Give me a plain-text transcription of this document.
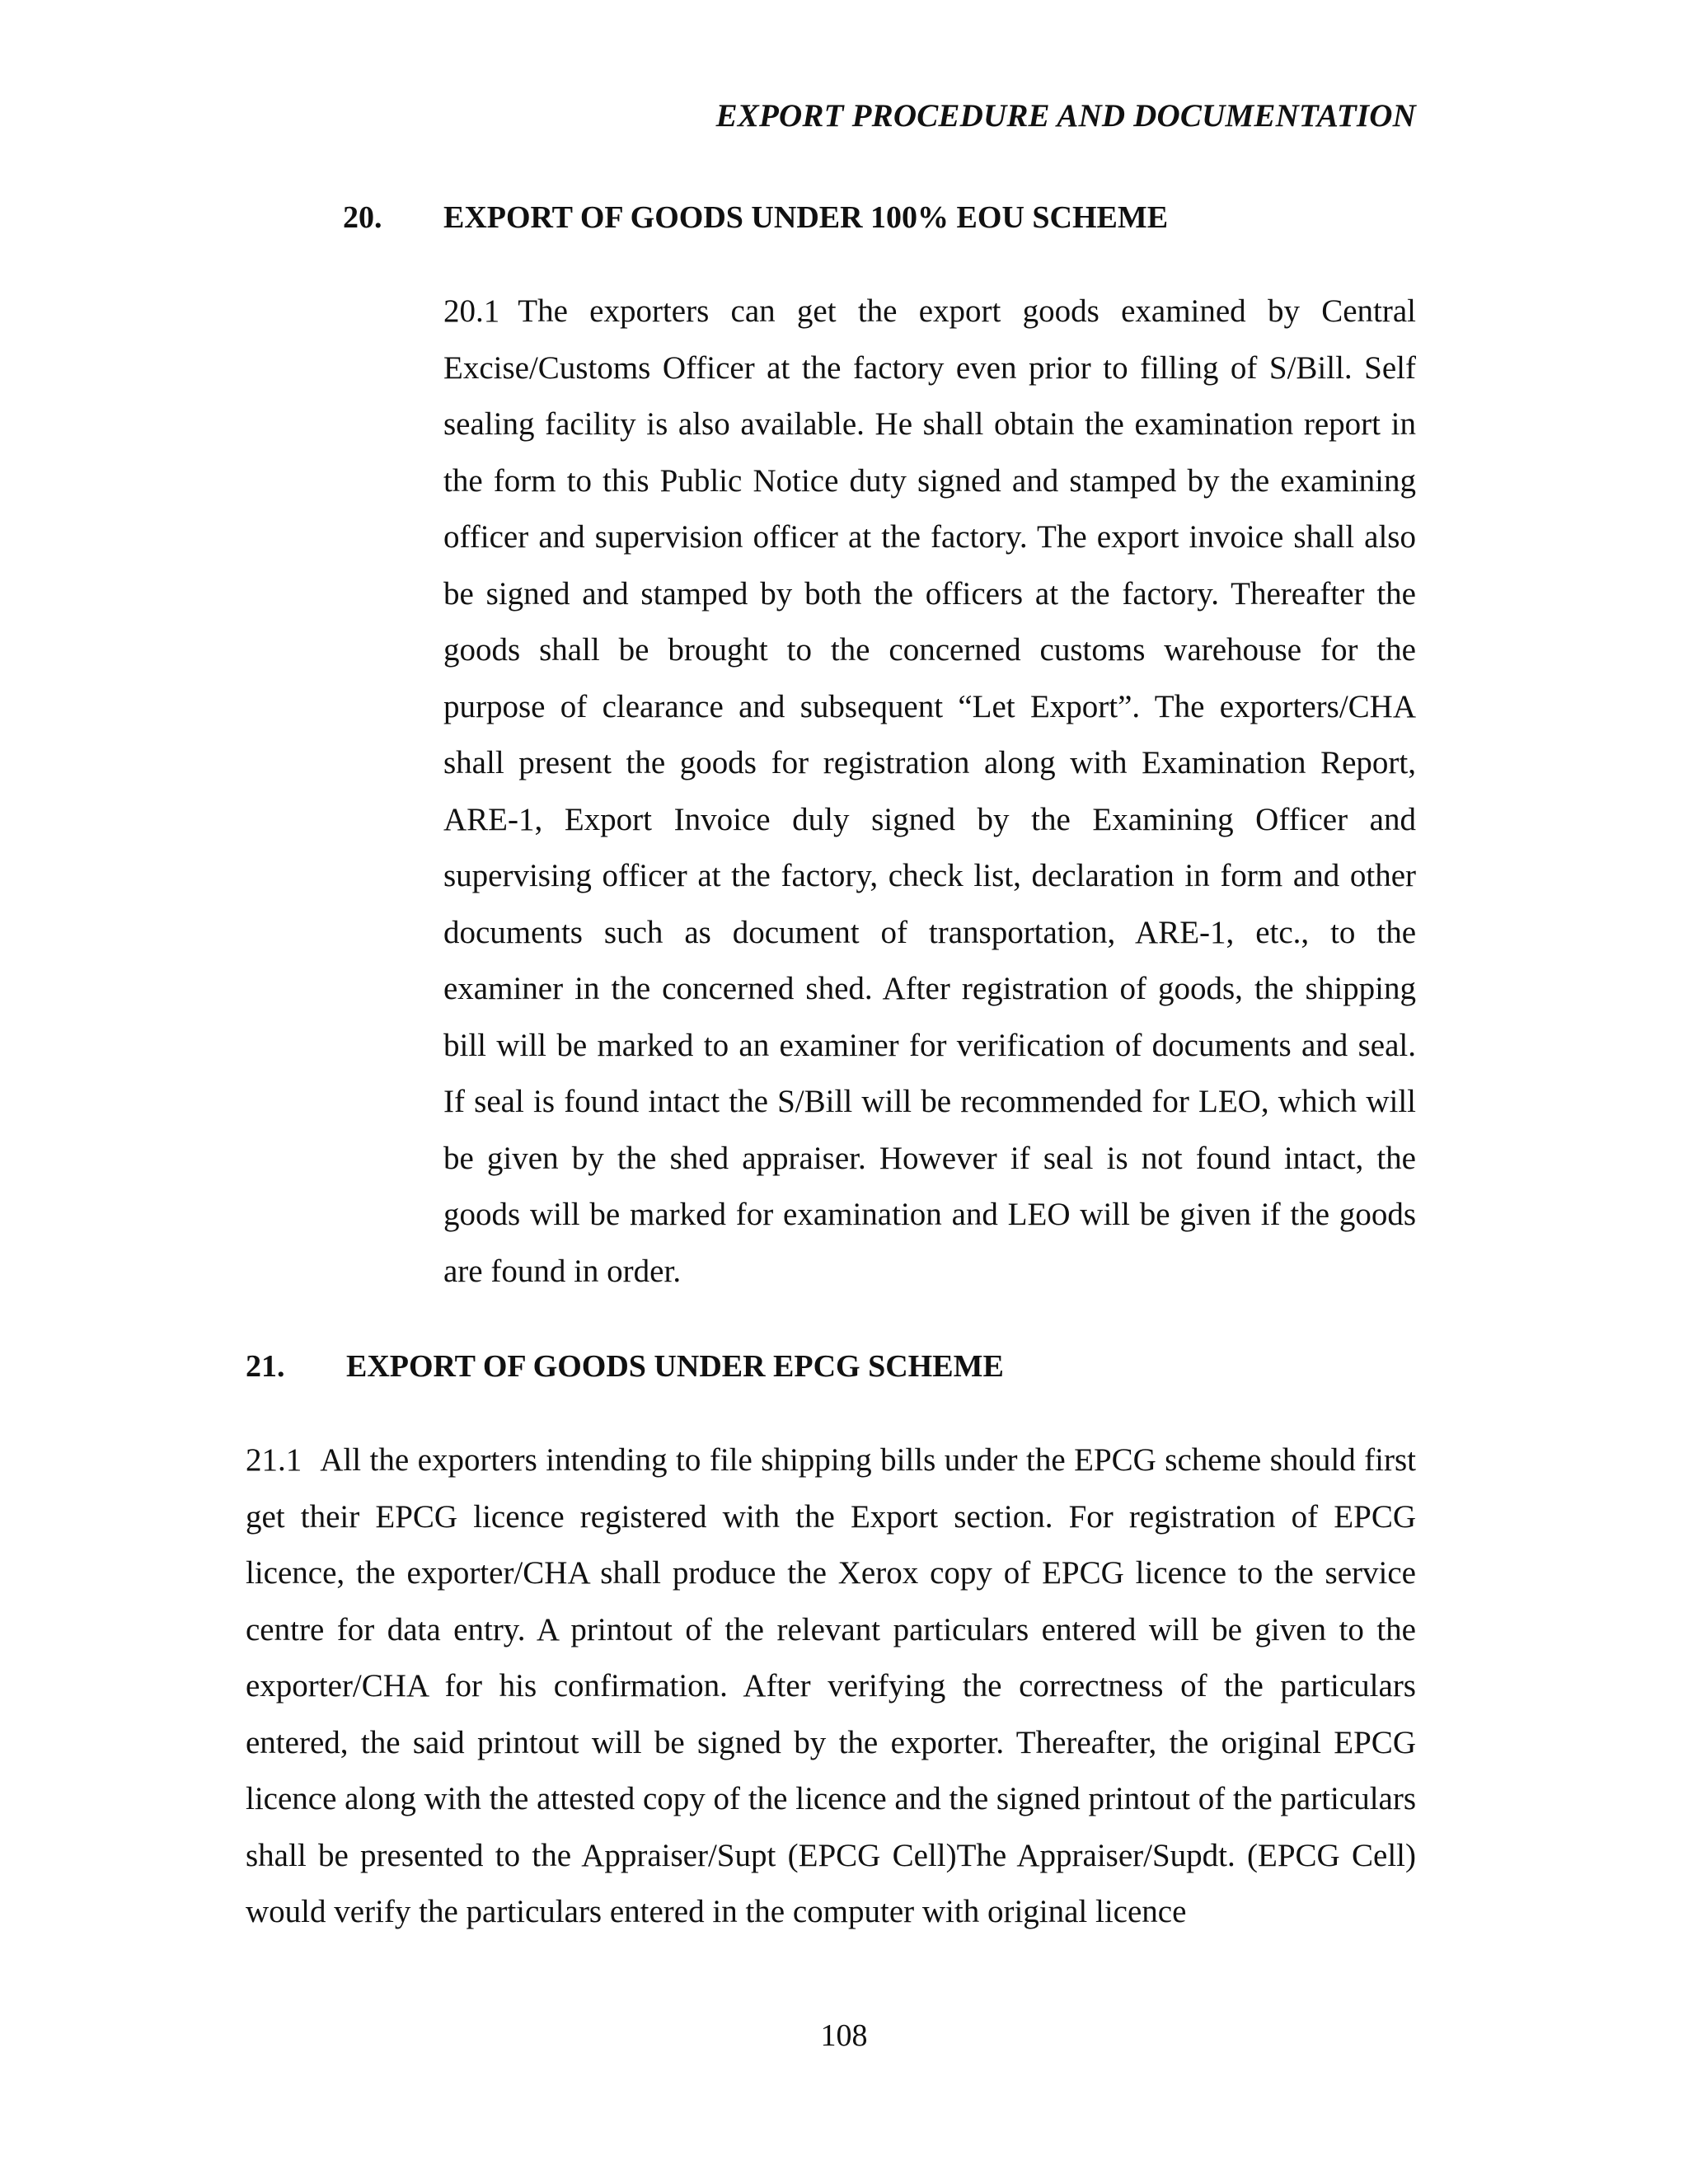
EXPORT PROCEDURE AND DOCUMENTATION
20. EXPORT OF GOODS UNDER 100% EOU SCHEME
20.1 The exporters can get the export goods examined by Central Excise/Customs Officer at the factory even prior to filling of S/Bill. Self sealing facility is also available. He shall obtain the examination report in the form to this Public Notice duty signed and stamped by the examining officer and supervision officer at the factory. The export invoice shall also be signed and stamped by both the officers at the factory. Thereafter the goods shall be brought to the concerned customs warehouse for the purpose of clearance and subsequent “Let Export”. The exporters/CHA shall present the goods for registration along with Examination Report, ARE-1, Export Invoice duly signed by the Examining Officer and supervising officer at the factory, check list, declaration in form and other documents such as document of transportation, ARE-1, etc., to the examiner in the concerned shed. After registration of goods, the shipping bill will be marked to an examiner for verification of documents and seal. If seal is found intact the S/Bill will be recommended for LEO, which will be given by the shed appraiser. However if seal is not found intact, the goods will be marked for examination and LEO will be given if the goods are found in order.
21. EXPORT OF GOODS UNDER EPCG SCHEME
21.1 All the exporters intending to file shipping bills under the EPCG scheme should first get their EPCG licence registered with the Export section. For registration of EPCG licence, the exporter/CHA shall produce the Xerox copy of EPCG licence to the service centre for data entry. A printout of the relevant particulars entered will be given to the exporter/CHA for his confirmation. After verifying the correctness of the particulars entered, the said printout will be signed by the exporter. Thereafter, the original EPCG licence along with the attested copy of the licence and the signed printout of the particulars shall be presented to the Appraiser/Supt (EPCG Cell)The Appraiser/Supdt. (EPCG Cell) would verify the particulars entered in the computer with original licence
108
